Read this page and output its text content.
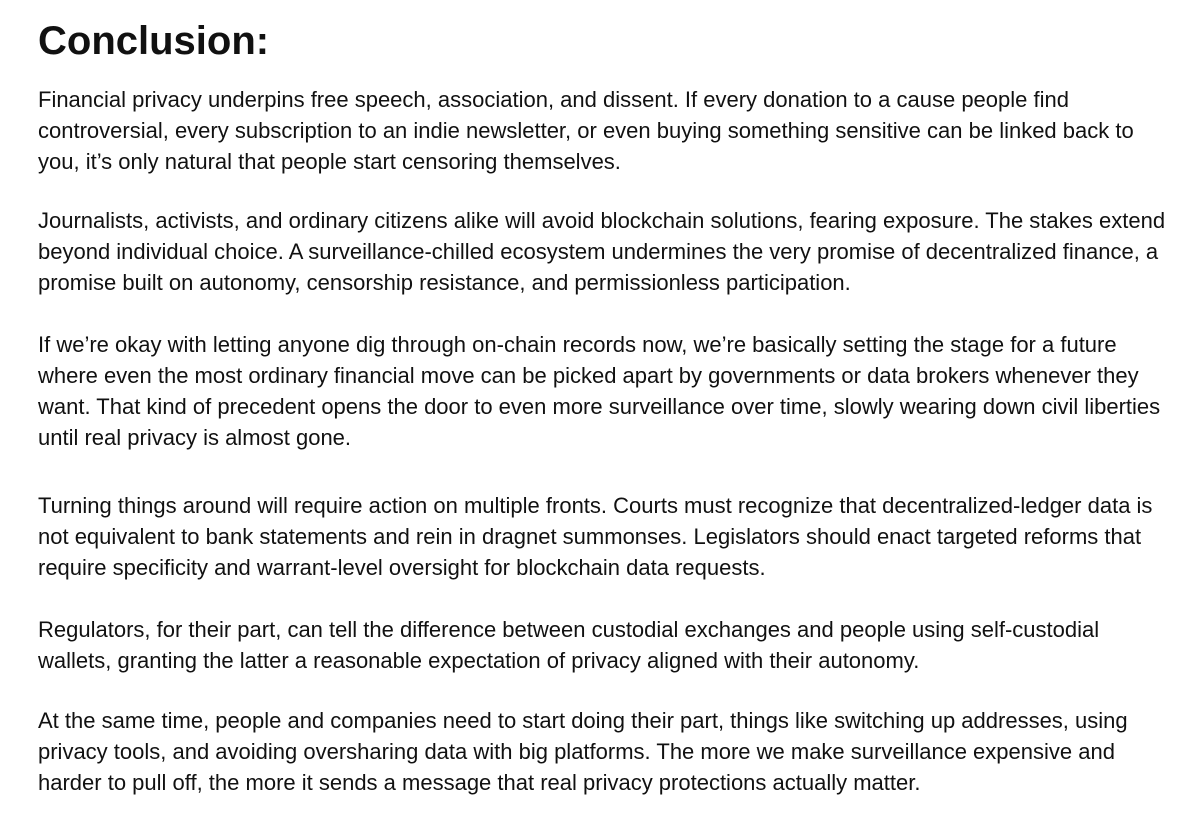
Conclusion:

Financial privacy underpins free speech, association, and dissent. If every donation to a cause people find controversial, every subscription to an indie newsletter, or even buying something sensitive can be linked back to you, it’s only natural that people start censoring themselves.

Journalists, activists, and ordinary citizens alike will avoid blockchain solutions, fearing exposure. The stakes extend beyond individual choice. A surveillance-chilled ecosystem undermines the very promise of decentralized finance, a promise built on autonomy, censorship resistance, and permissionless participation.

If we’re okay with letting anyone dig through on-chain records now, we’re basically setting the stage for a future where even the most ordinary financial move can be picked apart by governments or data brokers whenever they want. That kind of precedent opens the door to even more surveillance over time, slowly wearing down civil liberties until real privacy is almost gone.

Turning things around will require action on multiple fronts. Courts must recognize that decentralized-ledger data is not equivalent to bank statements and rein in dragnet summonses. Legislators should enact targeted reforms that require specificity and warrant-level oversight for blockchain data requests.

Regulators, for their part, can tell the difference between custodial exchanges and people using self-custodial wallets, granting the latter a reasonable expectation of privacy aligned with their autonomy.

At the same time, people and companies need to start doing their part, things like switching up addresses, using privacy tools, and avoiding oversharing data with big platforms. The more we make surveillance expensive and harder to pull off, the more it sends a message that real privacy protections actually matter.
